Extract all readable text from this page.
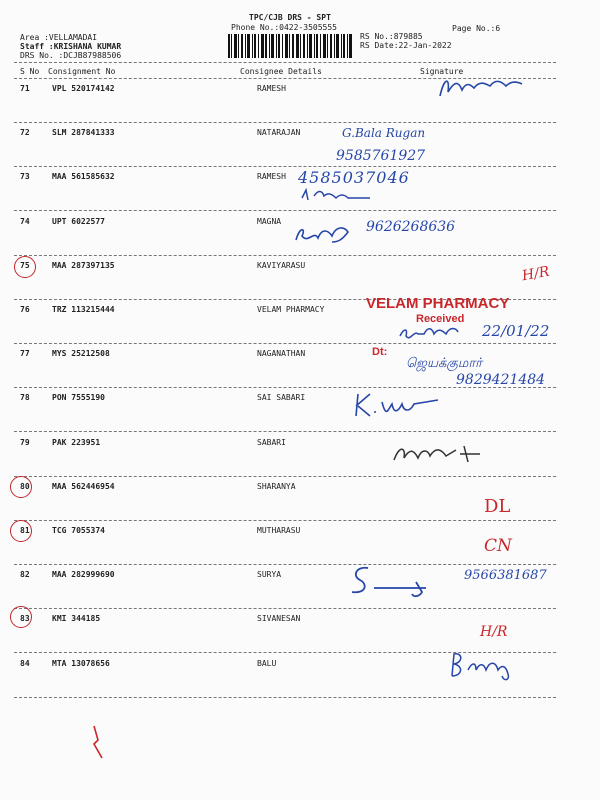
TPC/CJB DRS - SPT
Phone No.:0422-3505555
Area :VELLAMADAI
Staff :KRISHANA KUMAR
DRS No. :DCJB87988506
RS No.:879885
RS Date:22-Jan-2022
Page No.:6
S No Consignment No	Consignee Details	Signature
71	VPL 520174142	RAMESH
72	SLM 287841333	NATARAJAN
73	MAA 561585632	RAMESH
74	UPT 6022577	MAGNA
75	MAA 287397135	KAVIYARASU
76	TRZ 113215444	VELAM PHARMACY
77	MYS 25212508	NAGANATHAN
78	PON 7555190	SAI SABARI
79	PAK 223951	SABARI
80	MAA 562446954	SHARANYA
81	TCG 7055374	MUTHARASU
82	MAA 282999690	SURYA
83	KMI 344185	SIVANESAN
84	MTA 13078656	BALU
G.Bala Rugan
9585761927
4585037046
9626268636
H/R
VELAM PHARMACY
Received
Dt:
22/01/22
ஜெயக்குமார்
9829421484
DL
CN
9566381687
H/R
